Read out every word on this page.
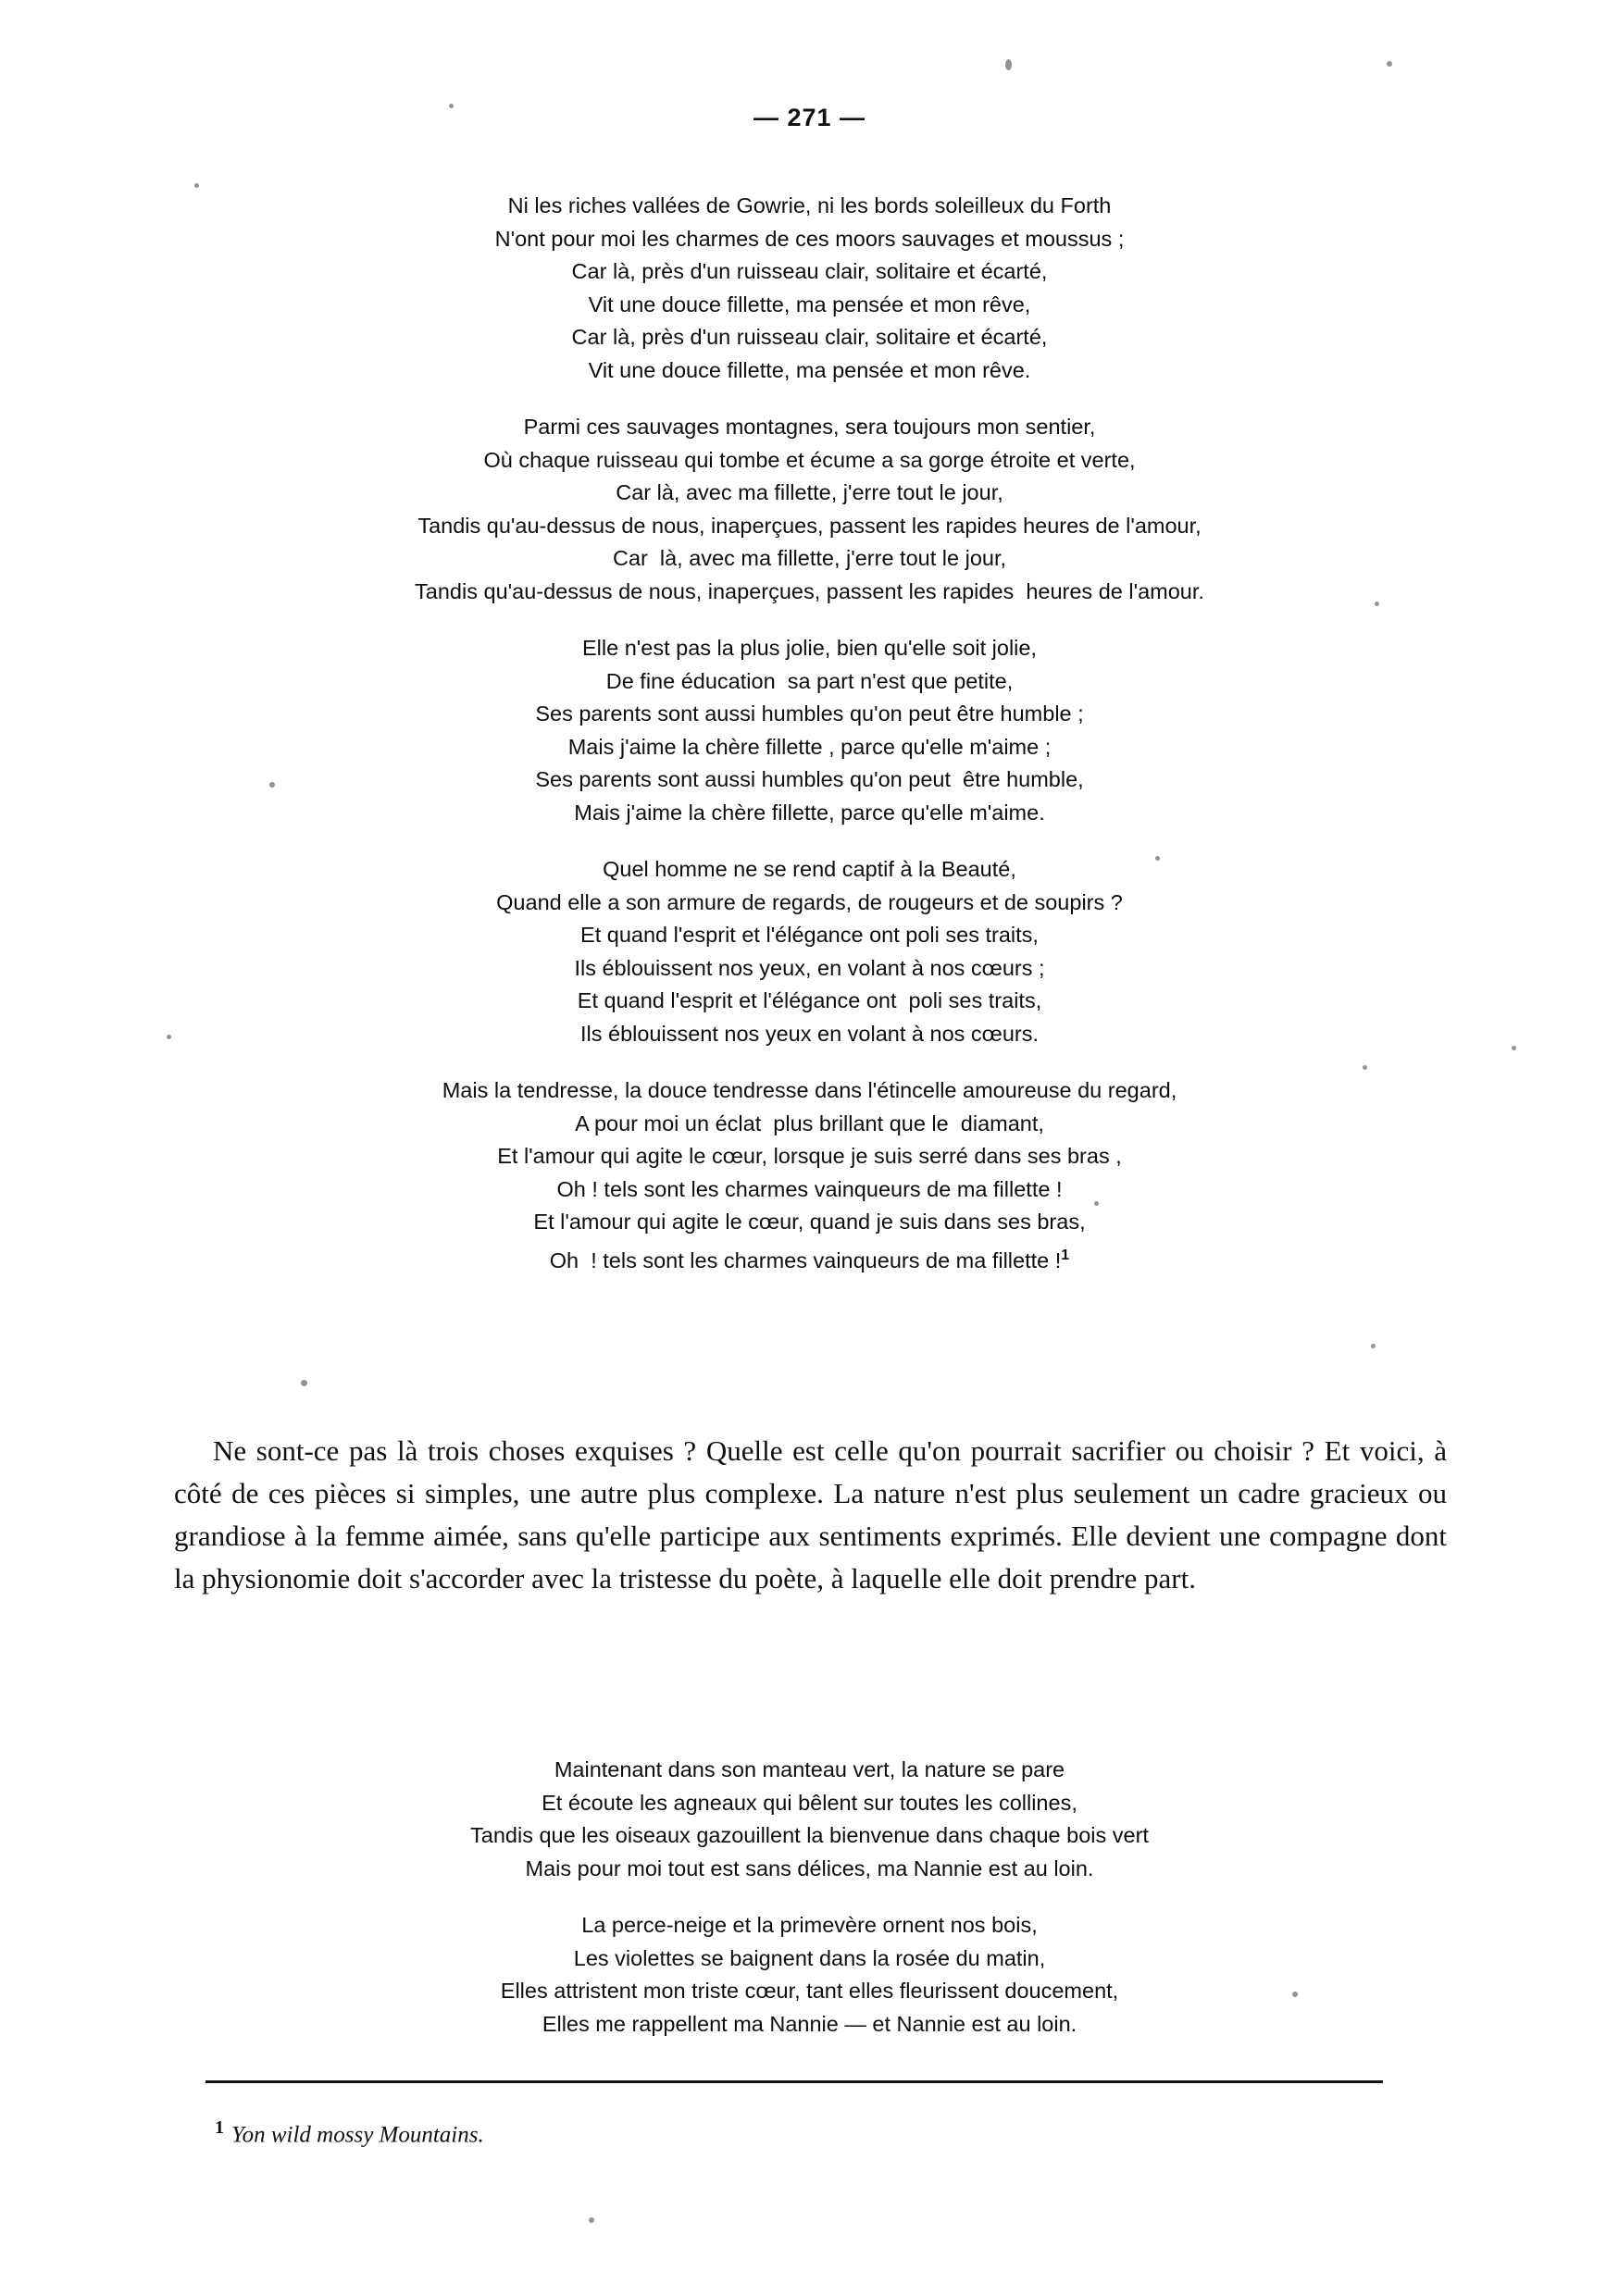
— 271 —
Ni les riches vallées de Gowrie, ni les bords soleilleux du Forth
N'ont pour moi les charmes de ces moors sauvages et moussus ;
Car là, près d'un ruisseau clair, solitaire et écarté,
Vit une douce fillette, ma pensée et mon rêve,
Car là, près d'un ruisseau clair, solitaire et écarté,
Vit une douce fillette, ma pensée et mon rêve.
Parmi ces sauvages montagnes, sera toujours mon sentier,
Où chaque ruisseau qui tombe et écume a sa gorge étroite et verte,
Car là, avec ma fillette, j'erre tout le jour,
Tandis qu'au-dessus de nous, inaperçues, passent les rapides heures de l'amour,
Car  là, avec ma fillette, j'erre tout le jour,
Tandis qu'au-dessus de nous, inaperçues, passent les rapides  heures de l'amour.
Elle n'est pas la plus jolie, bien qu'elle soit jolie,
De fine éducation  sa part n'est que petite,
Ses parents sont aussi humbles qu'on peut être humble ;
Mais j'aime la chère fillette , parce qu'elle m'aime ;
Ses parents sont aussi humbles qu'on peut  être humble,
Mais j'aime la chère fillette, parce qu'elle m'aime.
Quel homme ne se rend captif à la Beauté,
Quand elle a son armure de regards, de rougeurs et de soupirs ?
Et quand l'esprit et l'élégance ont poli ses traits,
Ils éblouissent nos yeux, en volant à nos cœurs ;
Et quand l'esprit et l'élégance ont  poli ses traits,
Ils éblouissent nos yeux en volant à nos cœurs.
Mais la tendresse, la douce tendresse dans l'étincelle amoureuse du regard,
A pour moi un éclat  plus brillant que le  diamant,
Et l'amour qui agite le cœur, lorsque je suis serré dans ses bras ,
Oh ! tels sont les charmes vainqueurs de ma fillette !
Et l'amour qui agite le cœur, quand je suis dans ses bras,
Oh  ! tels sont les charmes vainqueurs de ma fillette !$^1$

Ne sont-ce pas là trois choses exquises ? Quelle est celle qu'on pourrait sacrifier ou choisir ? Et voici, à côté de ces pièces si simples, une autre plus complexe. La nature n'est plus seulement un cadre gracieux ou grandiose à la femme aimée, sans qu'elle participe aux sentiments exprimés. Elle devient une compagne dont la physionomie doit s'accorder avec la tristesse du poète, à laquelle elle doit prendre part.

Maintenant dans son manteau vert, la nature se pare
Et écoute les agneaux qui bêlent sur toutes les collines,
Tandis que les oiseaux gazouillent la bienvenue dans chaque bois vert
Mais pour moi tout est sans délices, ma Nannie est au loin.
La perce-neige et la primevère ornent nos bois,
Les violettes se baignent dans la rosée du matin,
Elles attristent mon triste cœur, tant elles fleurissent doucement,
Elles me rappellent ma Nannie — et Nannie est au loin.
$^1$ Yon wild mossy Mountains.
